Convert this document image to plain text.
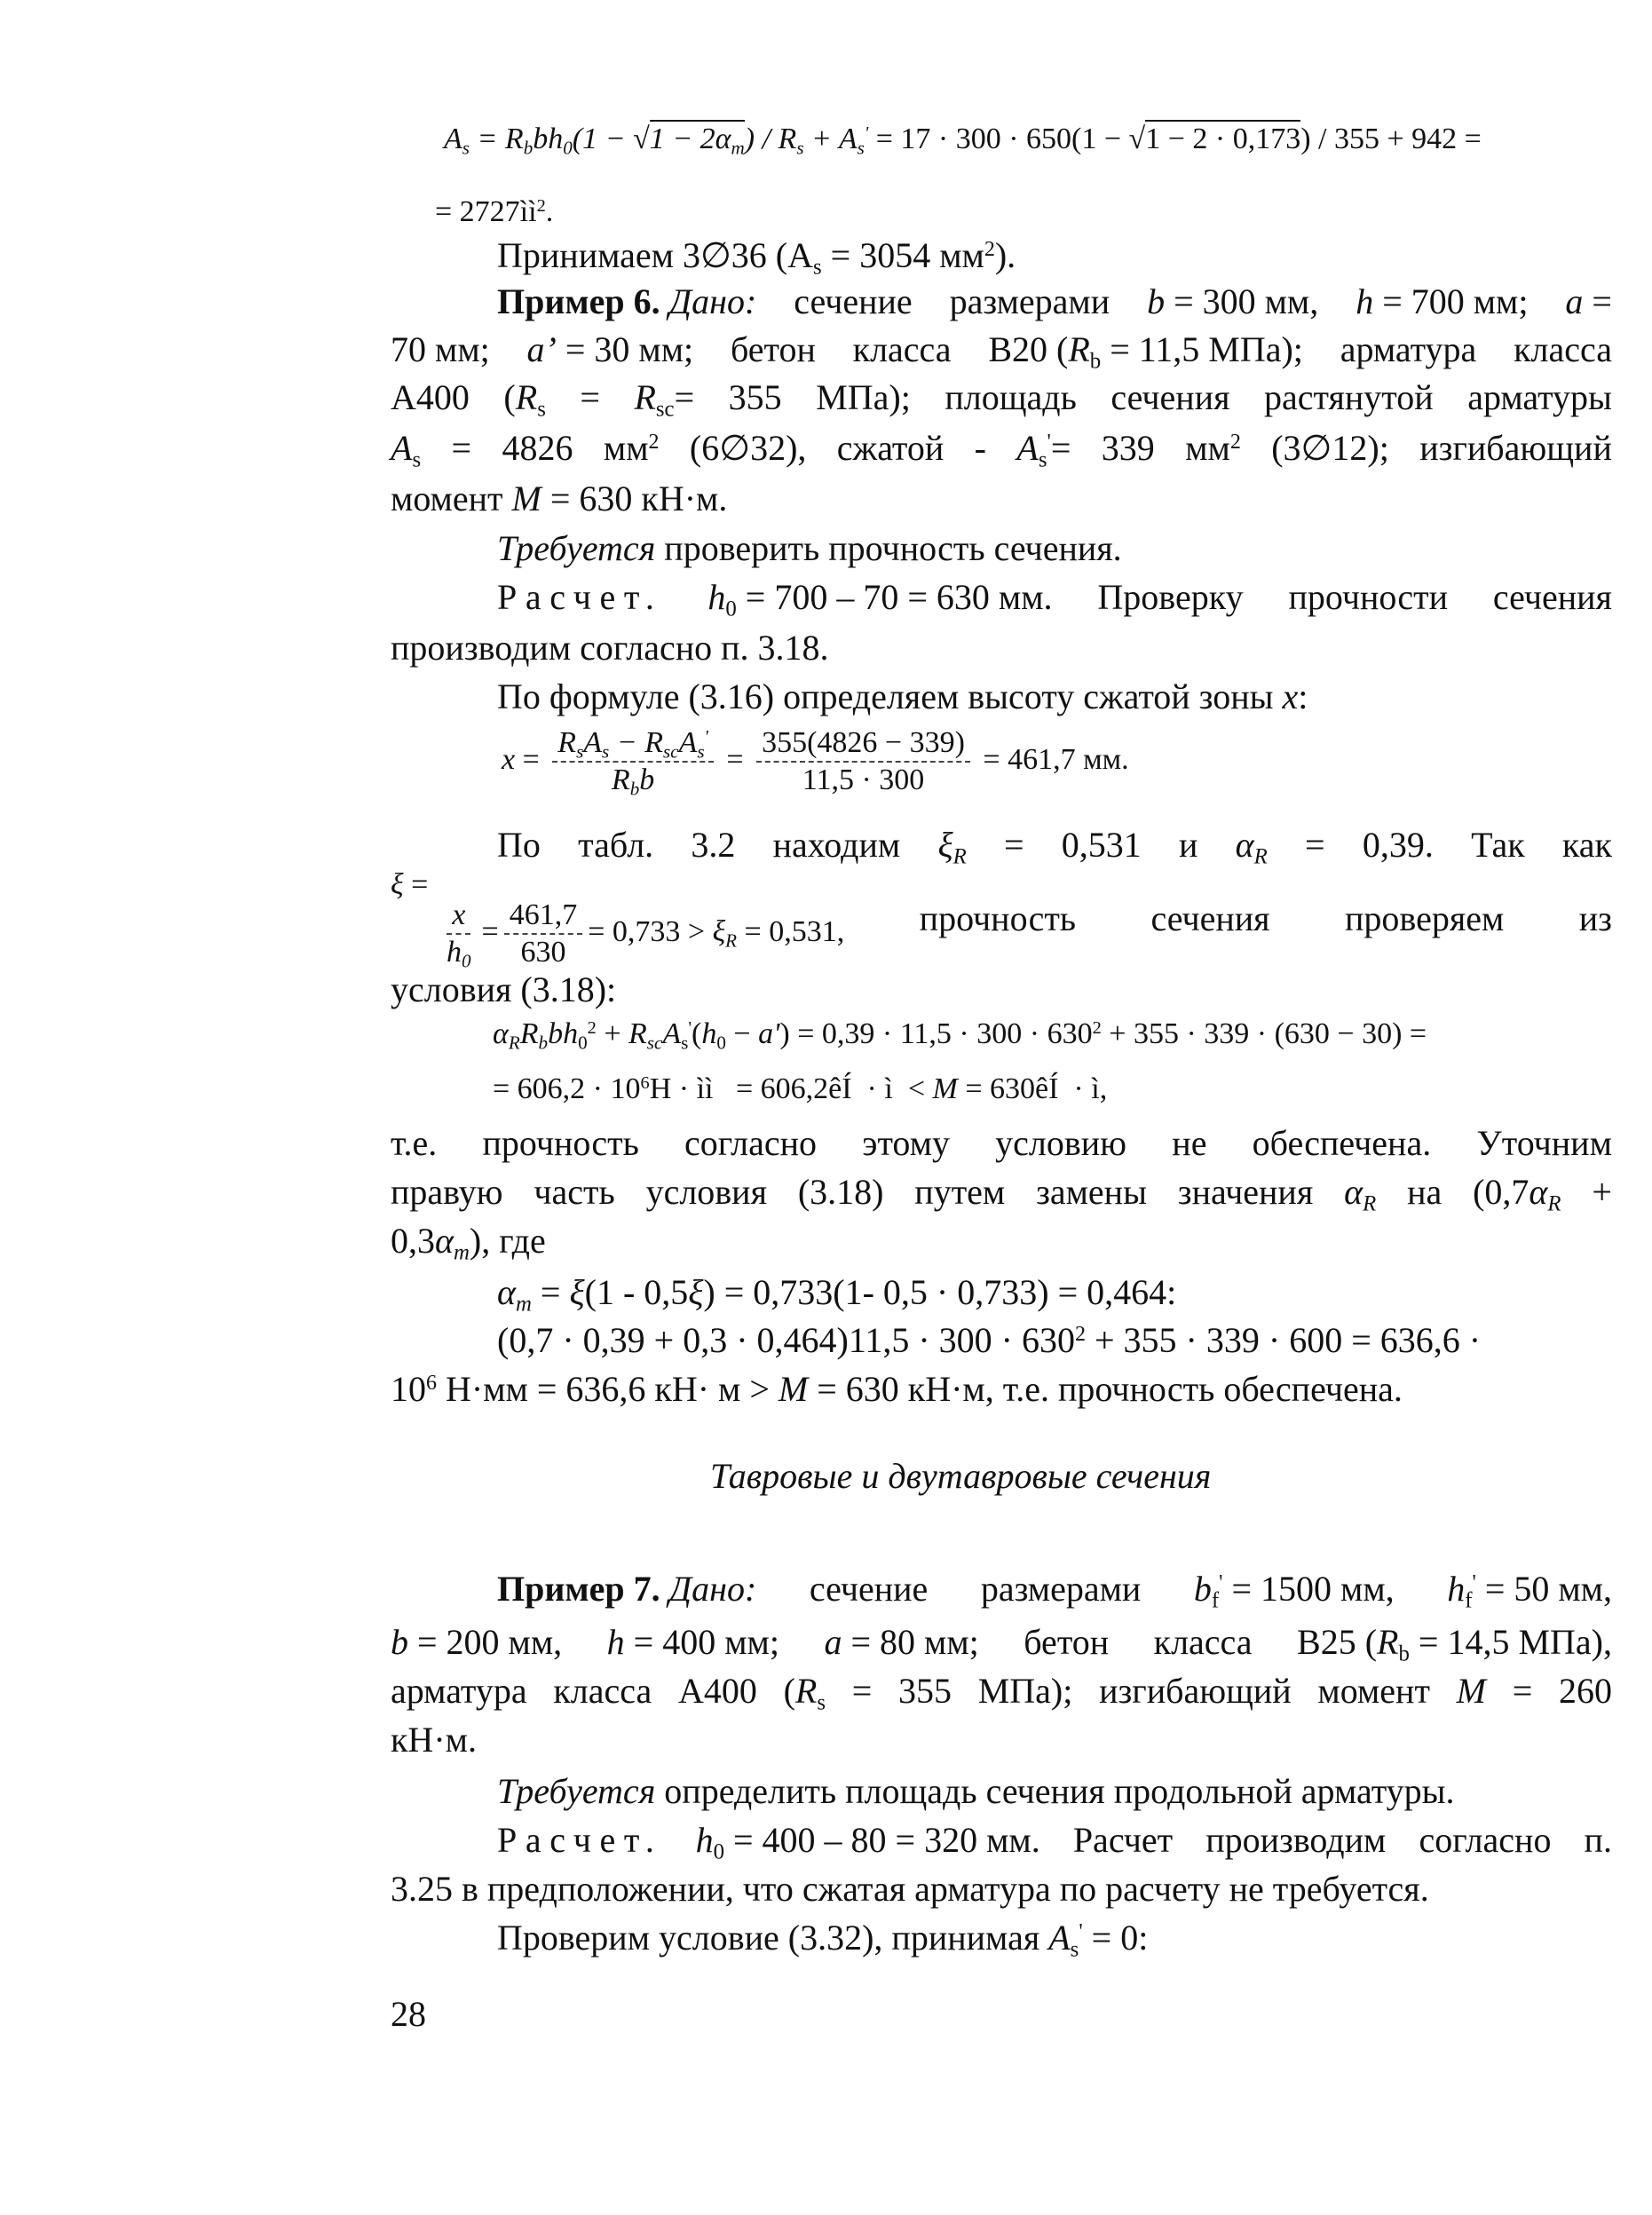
$A_s = R_bbh_0(1 - √1 - 2\alpha_m) / R_s + A_s' = 17 \cdot 300 \cdot 650(1 - √1 - 2 \cdot 0,173) / 355 + 942$ =
= $2727ìì^2$.
Принимаем 3∅36 ($A_s = 3054$ $мм^2$).
Пример 6. Дано: сечение размерами b = 300 мм, h = 700 мм; a =
70 мм; a’ = 30 мм; бетон класса В20 ($R_b = 11,5$ МПа); арматура класса
А400 ($R_s = R_{sc}= 355$ МПа); площадь сечения растянутой арматуры
$A_s = 4826$ $мм^2$ (6∅32), сжатой - $A_s'= 339$ $мм^2$ (3∅12); изгибающий
момент M = 630 кН·м.
Требуется проверить прочность сечения.
Расчет. $h_0 = 700 - 70 = 630$ мм. Проверку прочности сечения
производим согласно п. 3.18.
По формуле (3.16) определяем высоту сжатой зоны x:
$x = \frac{R_sA_s - R_{sc}A_s'}{R_bb} = \frac{355(4826 - 339)}{11,5 \cdot 300} = 461,7$ мм.
По табл. 3.2 находим $\xi_R = 0,531$ и $\alpha_R = 0,39$. Так как
ξ =

$\frac{x}{h_0} = \frac{461,7}{630} = 0,733 > \xi_R = 0,531$, прочность сечения проверяем из
условия (3.18):
$\alpha_RR_bbh_0^2 + R_{sc}A_s'(h_0 - a') = 0,39 \cdot 11,5 \cdot 300 \cdot 630^2 + 355 \cdot 339 \cdot (630 - 30)$ =
= $606,2 \cdot 10^6Н$ · ìì   = 606,2êÍ  · ì  < M = 630êÍ  · ì,
т.е. прочность согласно этому условию не обеспечена. Уточним
правую часть условия (3.18) путем замены значения $\alpha_R$ на ($0,7\alpha_R$ +
$0,3\alpha_m$), где
$\alpha_m = \xi(1 - 0,5\xi) = 0,733(1-$ 0,5 · 0,733) = 0,464:
$(0,7 \cdot 0,39 + 0,3 \cdot 0,464)11,5 \cdot 300 \cdot 630^2 + 355 \cdot 339 \cdot 600 = 636,6$ ·
$10^6$ Н·мм = 636,6 кН· м > M = 630 кН·м, т.е. прочность обеспечена.
Тавровые и двутавровые сечения
Пример 7. Дано: сечение размерами $b_f' = 1500$ мм, $h_f' = 50$ мм,
b = 200 мм, h = 400 мм; a = 80 мм; бетон класса В25 ($R_b = 14,5$ МПа),
арматура класса А400 ($R_s = 355$ МПа); изгибающий момент M = 260
кН·м.
Требуется определить площадь сечения продольной арматуры.
Расчет. $h_0 = 400 - 80 = 320$ мм. Расчет производим согласно п.
3.25 в предположении, что сжатая арматура по расчету не требуется.
Проверим условие (3.32), принимая $A_s' = 0$:
28
